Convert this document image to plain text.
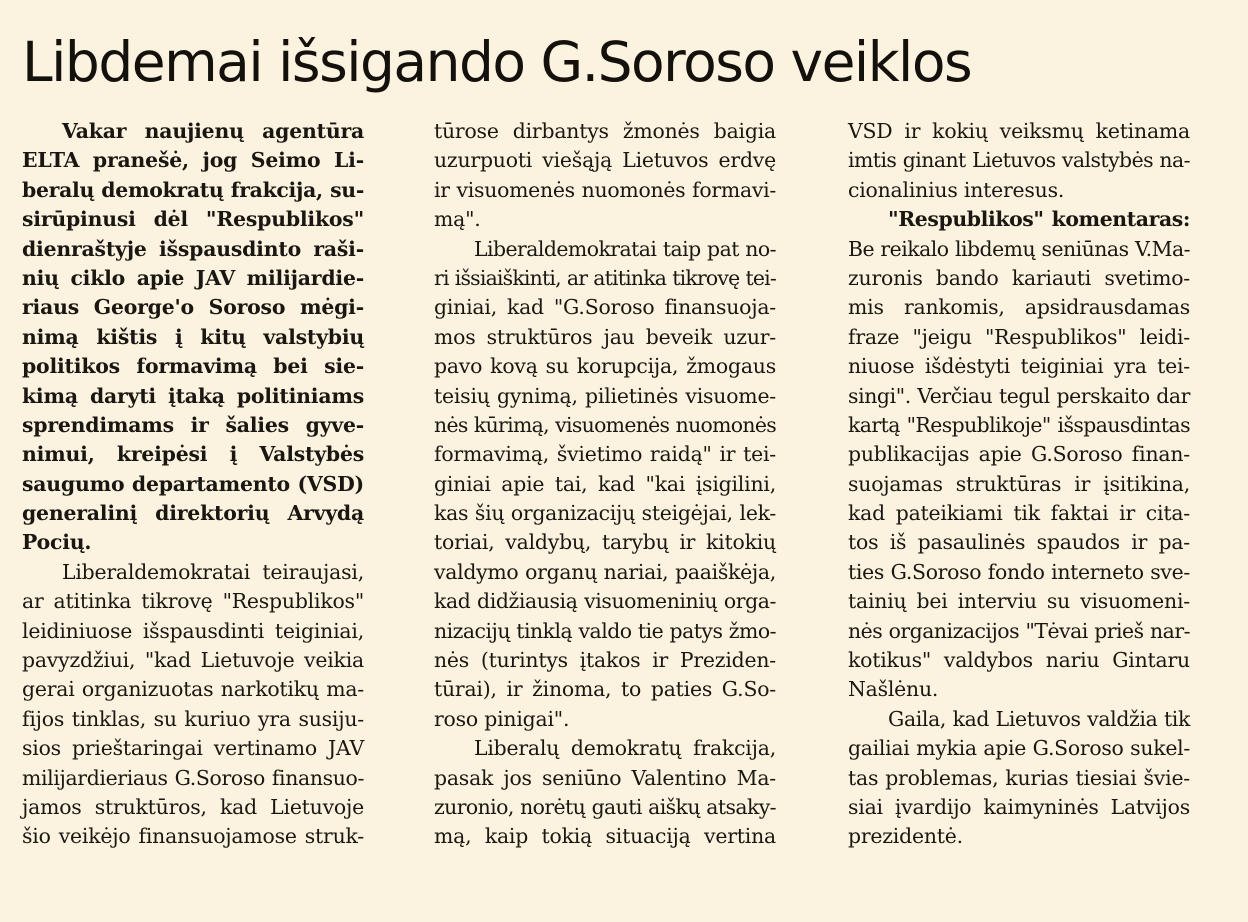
Libdemai išsigando G.Soroso veiklos
Vakar naujienų agentūra
ELTA pranešė, jog Seimo Li-
beralų demokratų frakcija, su-
sirūpinusi dėl "Respublikos"
dienraštyje išspausdinto raši-
nių ciklo apie JAV milijardie-
riaus George'o Soroso mėgi-
nimą kištis į kitų valstybių
politikos formavimą bei sie-
kimą daryti įtaką politiniams
sprendimams ir šalies gyve-
nimui, kreipėsi į Valstybės
saugumo departamento (VSD)
generalinį direktorių Arvydą
Pocių.
Liberaldemokratai teiraujasi,
ar atitinka tikrovę "Respublikos"
leidiniuose išspausdinti teiginiai,
pavyzdžiui, "kad Lietuvoje veikia
gerai organizuotas narkotikų ma-
fijos tinklas, su kuriuo yra susiju-
sios prieštaringai vertinamo JAV
milijardieriaus G.Soroso finansuo-
jamos struktūros, kad Lietuvoje
šio veikėjo finansuojamose struk-
tūrose dirbantys žmonės baigia
uzurpuoti viešąją Lietuvos erdvę
ir visuomenės nuomonės formavi-
mą".
Liberaldemokratai taip pat no-
ri išsiaiškinti, ar atitinka tikrovę tei-
giniai, kad "G.Soroso finansuoja-
mos struktūros jau beveik uzur-
pavo kovą su korupcija, žmogaus
teisių gynimą, pilietinės visuome-
nės kūrimą, visuomenės nuomonės
formavimą, švietimo raidą" ir tei-
giniai apie tai, kad "kai įsigilini,
kas šių organizacijų steigėjai, lek-
toriai, valdybų, tarybų ir kitokių
valdymo organų nariai, paaiškėja,
kad didžiausią visuomeninių orga-
nizacijų tinklą valdo tie patys žmo-
nės (turintys įtakos ir Preziden-
tūrai), ir žinoma, to paties G.So-
roso pinigai".
Liberalų demokratų frakcija,
pasak jos seniūno Valentino Ma-
zuronio, norėtų gauti aiškų atsaky-
mą, kaip tokią situaciją vertina
VSD ir kokių veiksmų ketinama
imtis ginant Lietuvos valstybės na-
cionalinius interesus.
"Respublikos" komentaras:
Be reikalo libdemų seniūnas V.Ma-
zuronis bando kariauti svetimo-
mis rankomis, apsidrausdamas
fraze "jeigu "Respublikos" leidi-
niuose išdėstyti teiginiai yra tei-
singi". Verčiau tegul perskaito dar
kartą "Respublikoje" išspausdintas
publikacijas apie G.Soroso finan-
suojamas struktūras ir įsitikina,
kad pateikiami tik faktai ir cita-
tos iš pasaulinės spaudos ir pa-
ties G.Soroso fondo interneto sve-
tainių bei interviu su visuomeni-
nės organizacijos "Tėvai prieš nar-
kotikus" valdybos nariu Gintaru
Našlėnu.
Gaila, kad Lietuvos valdžia tik
gailiai mykia apie G.Soroso sukel-
tas problemas, kurias tiesiai švie-
siai įvardijo kaimyninės Latvijos
prezidentė.
